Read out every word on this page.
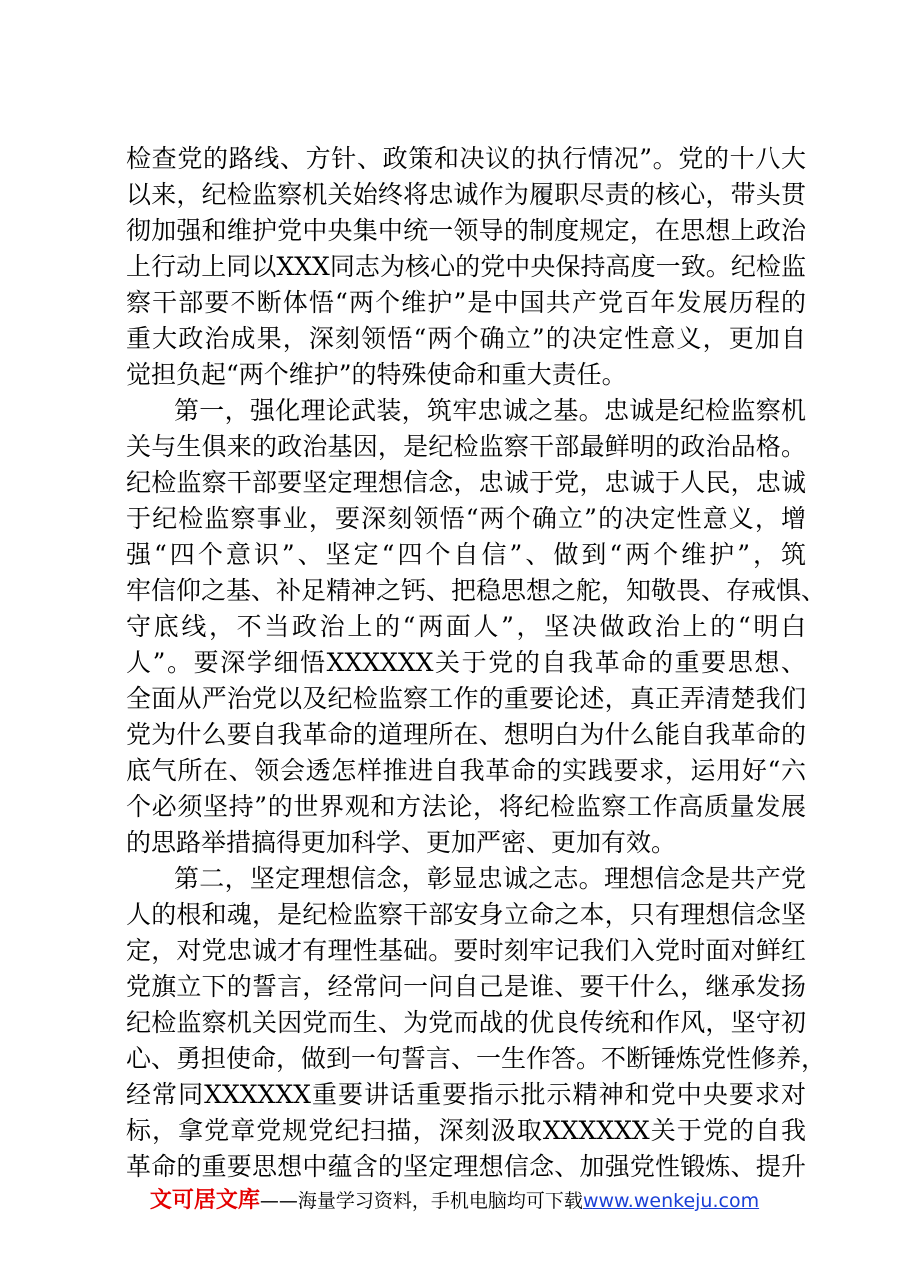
检查党的路线、方针、政策和决议的执行情况”。党的十八大
以来，纪检监察机关始终将忠诚作为履职尽责的核心，带头贯
彻加强和维护党中央集中统一领导的制度规定，在思想上政治
上行动上同以XXX同志为核心的党中央保持高度一致。纪检监
察干部要不断体悟“两个维护”是中国共产党百年发展历程的
重大政治成果，深刻领悟“两个确立”的决定性意义，更加自
觉担负起“两个维护”的特殊使命和重大责任。
第一，强化理论武装，筑牢忠诚之基。忠诚是纪检监察机
关与生俱来的政治基因，是纪检监察干部最鲜明的政治品格。
纪检监察干部要坚定理想信念，忠诚于党，忠诚于人民，忠诚
于纪检监察事业，要深刻领悟“两个确立”的决定性意义，增
强“四个意识”、坚定“四个自信”、做到“两个维护”，筑
牢信仰之基、补足精神之钙、把稳思想之舵，知敬畏、存戒惧、
守底线，不当政治上的“两面人”，坚决做政治上的“明白
人”。要深学细悟XXXXXX关于党的自我革命的重要思想、
全面从严治党以及纪检监察工作的重要论述，真正弄清楚我们
党为什么要自我革命的道理所在、想明白为什么能自我革命的
底气所在、领会透怎样推进自我革命的实践要求，运用好“六
个必须坚持”的世界观和方法论，将纪检监察工作高质量发展
的思路举措搞得更加科学、更加严密、更加有效。
第二，坚定理想信念，彰显忠诚之志。理想信念是共产党
人的根和魂，是纪检监察干部安身立命之本，只有理想信念坚
定，对党忠诚才有理性基础。要时刻牢记我们入党时面对鲜红
党旗立下的誓言，经常问一问自己是谁、要干什么，继承发扬
纪检监察机关因党而生、为党而战的优良传统和作风，坚守初
心、勇担使命，做到一句誓言、一生作答。不断锤炼党性修养，
经常同XXXXXX重要讲话重要指示批示精神和党中央要求对
标，拿党章党规党纪扫描，深刻汲取XXXXXX关于党的自我
革命的重要思想中蕴含的坚定理想信念、加强党性锻炼、提升
文可居文库——海量学习资料，手机电脑均可下载www.wenkeju.com
